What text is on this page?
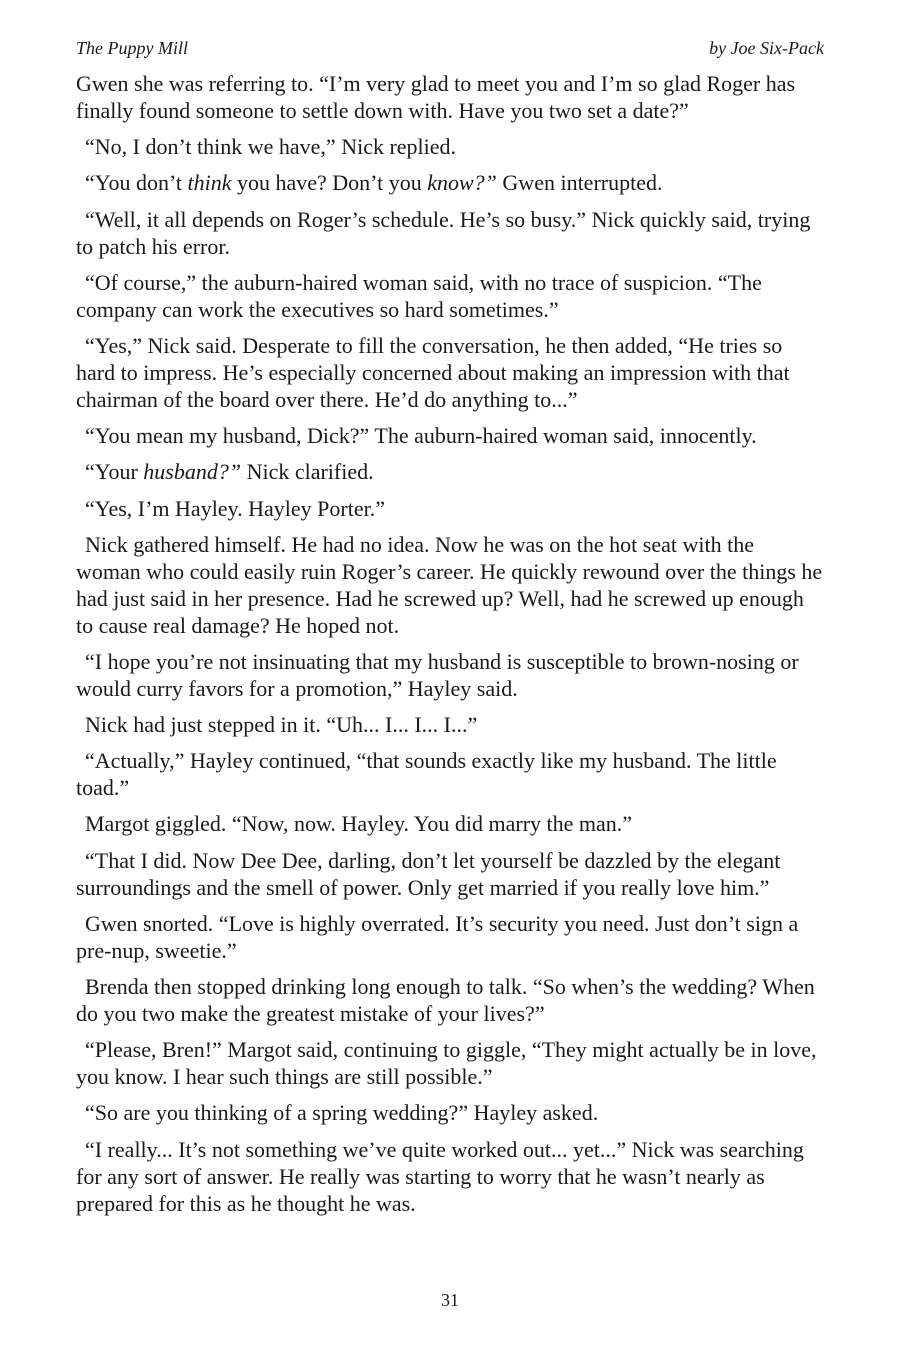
The Puppy Mill	by Joe Six-Pack

Gwen she was referring to. “I’m very glad to meet you and I’m so glad Roger has finally found someone to settle down with. Have you two set a date?”

“No, I don’t think we have,” Nick replied.

“You don’t think you have? Don’t you know?” Gwen interrupted.

“Well, it all depends on Roger’s schedule. He’s so busy.” Nick quickly said, trying to patch his error.

“Of course,” the auburn-haired woman said, with no trace of suspicion. “The company can work the executives so hard sometimes.”

“Yes,” Nick said. Desperate to fill the conversation, he then added, “He tries so hard to impress. He’s especially concerned about making an impression with that chairman of the board over there. He’d do anything to...”

“You mean my husband, Dick?” The auburn-haired woman said, innocently.

“Your husband?” Nick clarified.

“Yes, I’m Hayley. Hayley Porter.”

Nick gathered himself. He had no idea. Now he was on the hot seat with the woman who could easily ruin Roger’s career. He quickly rewound over the things he had just said in her presence. Had he screwed up? Well, had he screwed up enough to cause real damage? He hoped not.

“I hope you’re not insinuating that my husband is susceptible to brown-nosing or would curry favors for a promotion,” Hayley said.

Nick had just stepped in it. “Uh... I... I... I...”

“Actually,” Hayley continued, “that sounds exactly like my husband. The little toad.”

Margot giggled. “Now, now. Hayley. You did marry the man.”

“That I did. Now Dee Dee, darling, don’t let yourself be dazzled by the elegant surroundings and the smell of power. Only get married if you really love him.”

Gwen snorted. “Love is highly overrated. It’s security you need. Just don’t sign a pre-nup, sweetie.”

Brenda then stopped drinking long enough to talk. “So when’s the wedding? When do you two make the greatest mistake of your lives?”

“Please, Bren!” Margot said, continuing to giggle, “They might actually be in love, you know. I hear such things are still possible.”

“So are you thinking of a spring wedding?” Hayley asked.

“I really... It’s not something we’ve quite worked out... yet...” Nick was searching for any sort of answer. He really was starting to worry that he wasn’t nearly as prepared for this as he thought he was.

31
